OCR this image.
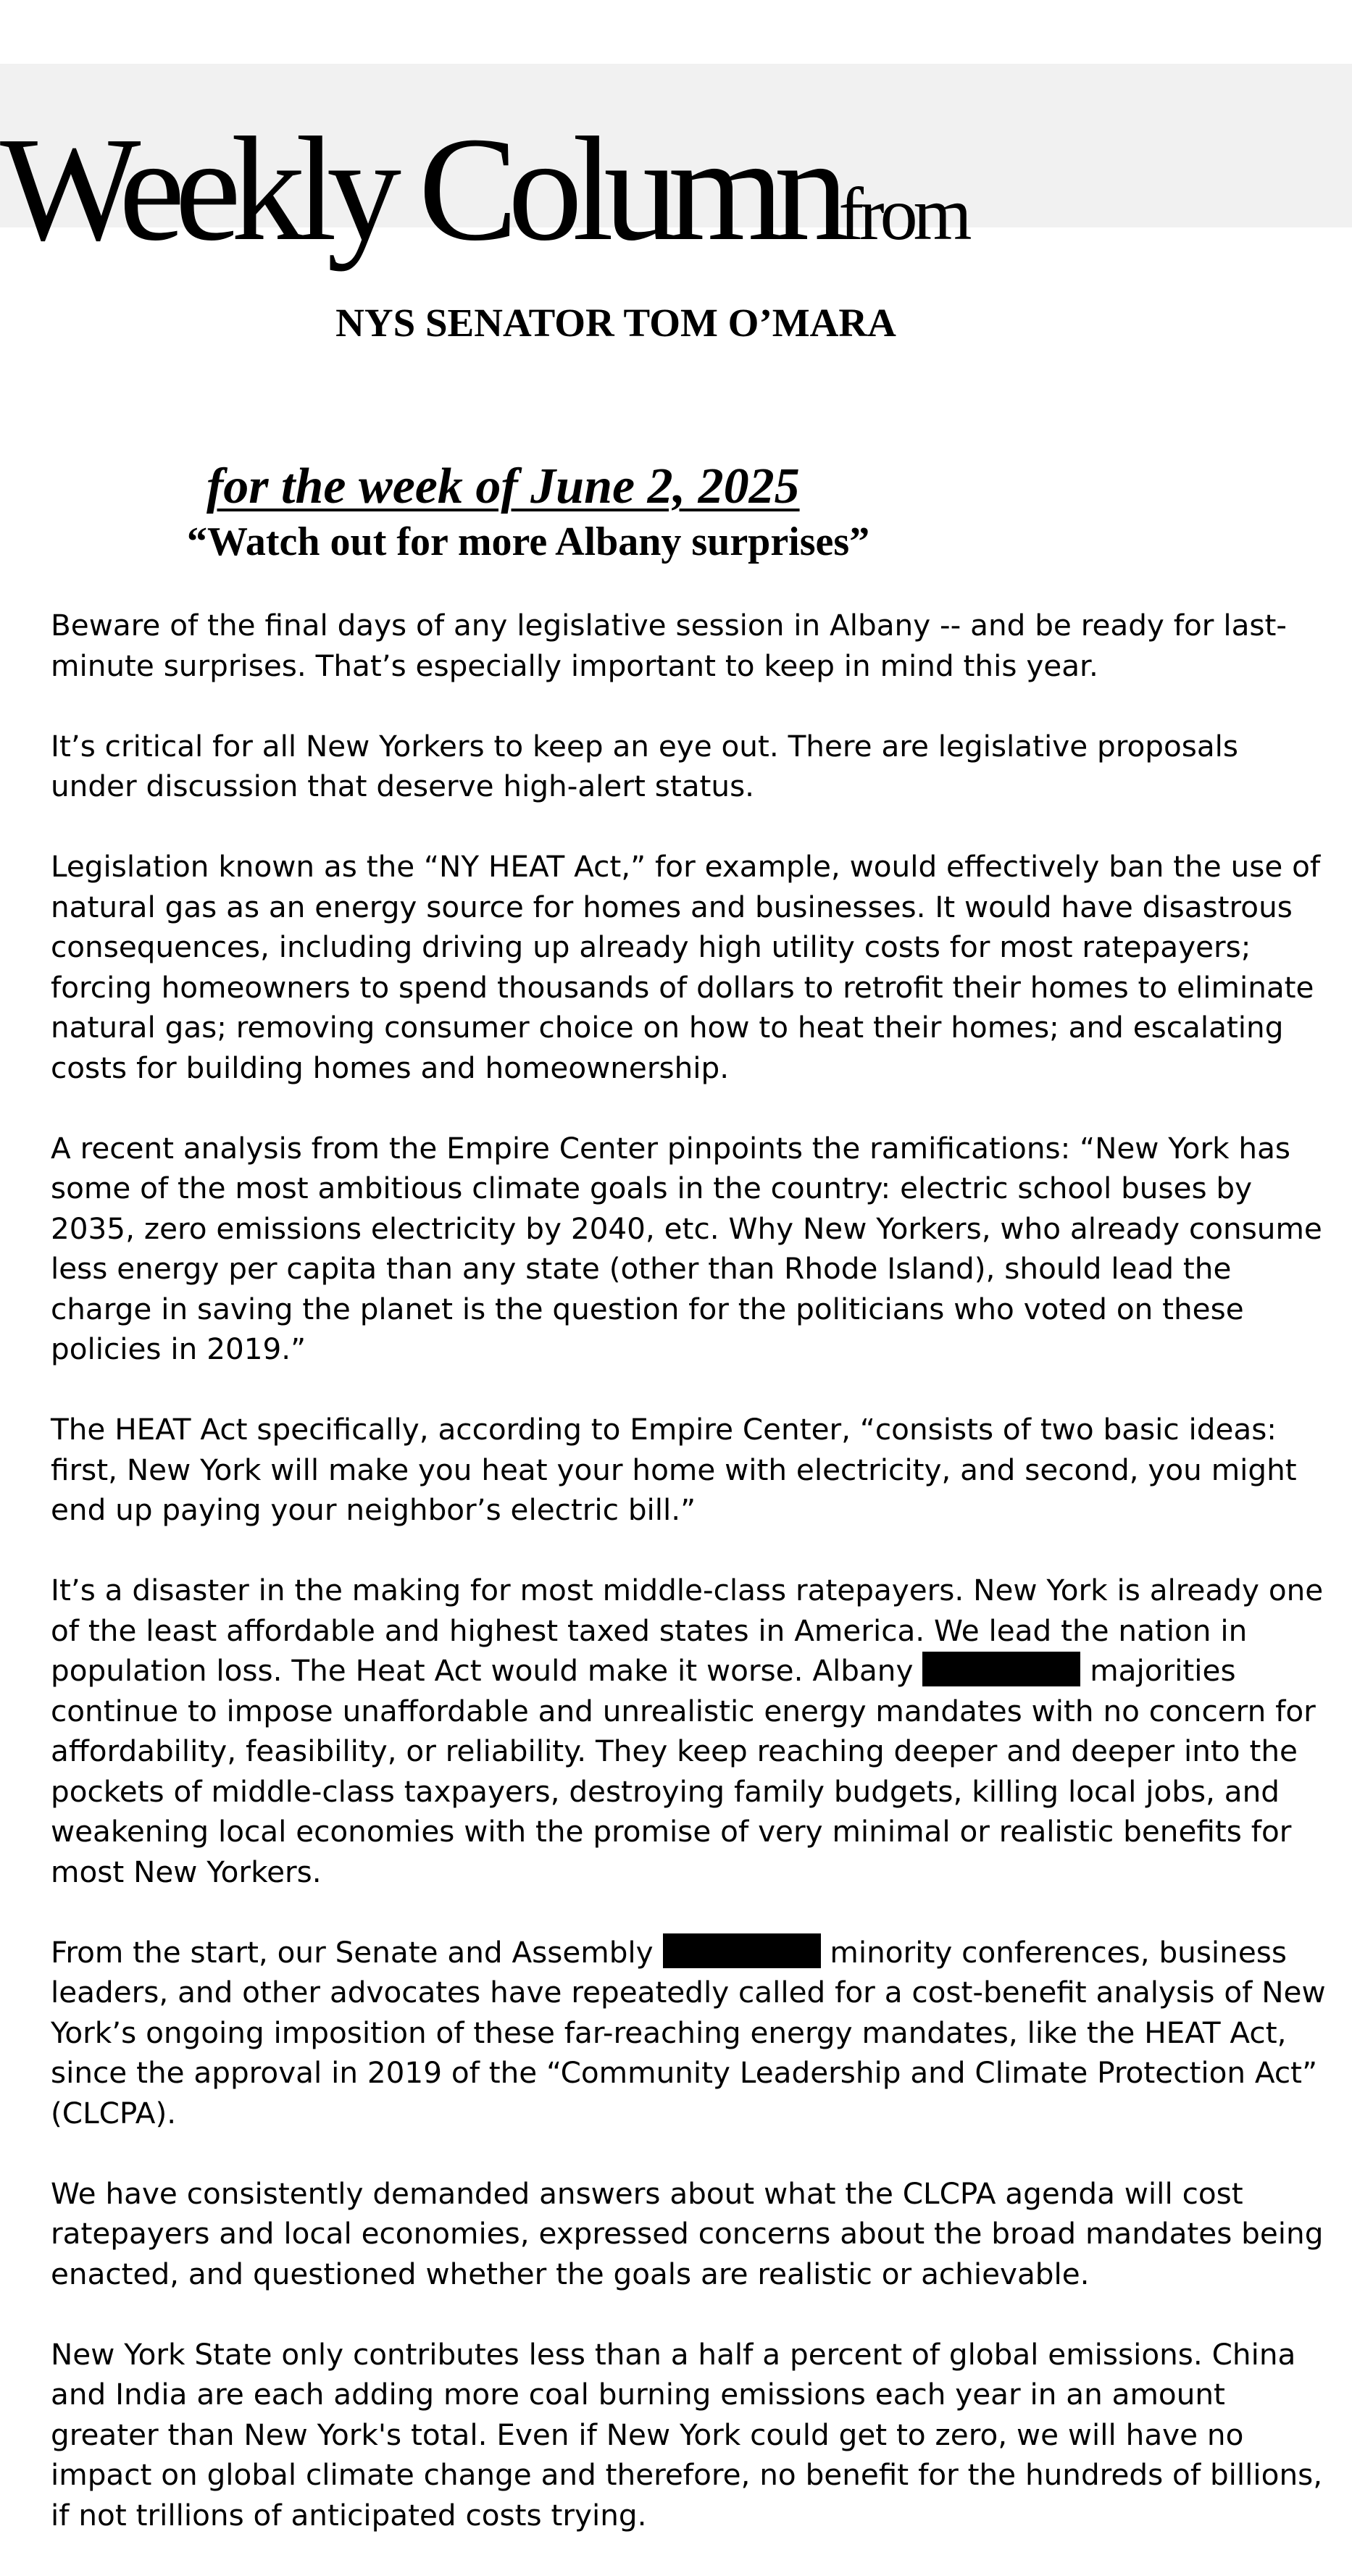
Weekly Columnfrom
NYS SENATOR TOM O’MARA
for the week of June 2, 2025
“Watch out for more Albany surprises”

Beware of the final days of any legislative session in Albany -- and be ready for last-minute surprises. That’s especially important to keep in mind this year.

It’s critical for all New Yorkers to keep an eye out. There are legislative proposals under discussion that deserve high-alert status.

Legislation known as the “NY HEAT Act,” for example, would effectively ban the use of natural gas as an energy source for homes and businesses. It would have disastrous consequences, including driving up already high utility costs for most ratepayers; forcing homeowners to spend thousands of dollars to retrofit their homes to eliminate natural gas; removing consumer choice on how to heat their homes; and escalating costs for building homes and homeownership.

A recent analysis from the Empire Center pinpoints the ramifications: “New York has some of the most ambitious climate goals in the country: electric school buses by 2035, zero emissions electricity by 2040, etc. Why New Yorkers, who already consume less energy per capita than any state (other than Rhode Island), should lead the charge in saving the planet is the question for the politicians who voted on these policies in 2019.”

The HEAT Act specifically, according to Empire Center, “consists of two basic ideas: first, New York will make you heat your home with electricity, and second, you might end up paying your neighbor’s electric bill.”

It’s a disaster in the making for most middle-class ratepayers. New York is already one of the least affordable and highest taxed states in America. We lead the nation in population loss. The Heat Act would make it worse. Albany	majorities continue to impose unaffordable and unrealistic energy mandates with no concern for affordability, feasibility, or reliability. They keep reaching deeper and deeper into the pockets of middle-class taxpayers, destroying family budgets, killing local jobs, and weakening local economies with the promise of very minimal or realistic benefits for most New Yorkers.

From the start, our Senate and Assembly	minority conferences, business leaders, and other advocates have repeatedly called for a cost-benefit analysis of New York’s ongoing imposition of these far-reaching energy mandates, like the HEAT Act, since the approval in 2019 of the “Community Leadership and Climate Protection Act” (CLCPA).

We have consistently demanded answers about what the CLCPA agenda will cost ratepayers and local economies, expressed concerns about the broad mandates being enacted, and questioned whether the goals are realistic or achievable.

New York State only contributes less than a half a percent of global emissions. China and India are each adding more coal burning emissions each year in an amount greater than New York's total. Even if New York could get to zero, we will have no impact on global climate change and therefore, no benefit for the hundreds of billions, if not trillions of anticipated costs trying.
